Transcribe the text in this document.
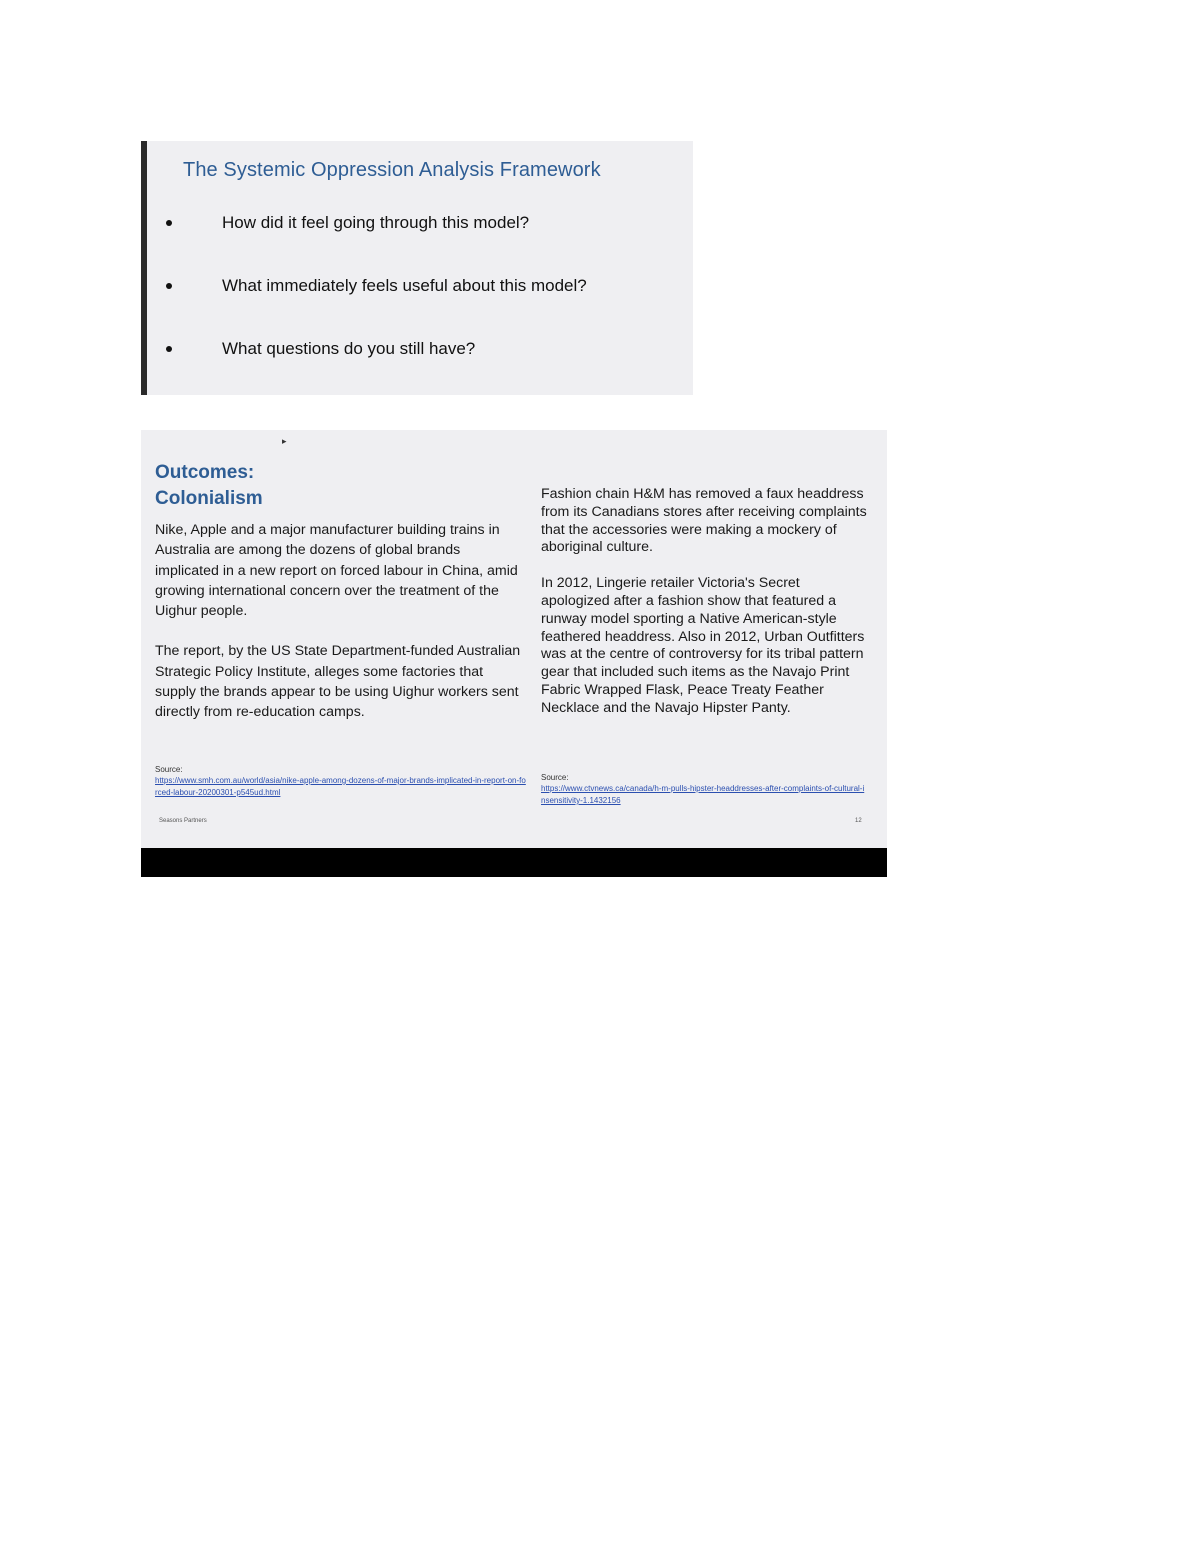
The Systemic Oppression Analysis Framework
How did it feel going through this model?
What immediately feels useful about this model?
What questions do you still have?
▸
Outcomes:
Colonialism

Nike, Apple and a major manufacturer building trains in Australia are among the dozens of global brands implicated in a new report on forced labour in China, amid growing international concern over the treatment of the Uighur people.

The report, by the US State Department-funded Australian Strategic Policy Institute, alleges some factories that supply the brands appear to be using Uighur workers sent directly from re-education camps.

Source:
https://www.smh.com.au/world/asia/nike-apple-among-dozens-of-major-brands-implicated-in-report-on-forced-labour-20200301-p545ud.html

Fashion chain H&M has removed a faux headdress from its Canadians stores after receiving complaints that the accessories were making a mockery of aboriginal culture.

In 2012, Lingerie retailer Victoria's Secret apologized after a fashion show that featured a runway model sporting a Native American-style feathered headdress. Also in 2012, Urban Outfitters was at the centre of controversy for its tribal pattern gear that included such items as the Navajo Print Fabric Wrapped Flask, Peace Treaty Feather Necklace and the Navajo Hipster Panty.

Source:
https://www.ctvnews.ca/canada/h-m-pulls-hipster-headdresses-after-complaints-of-cultural-insensitivity-1.1432156
Seasons Partners	12
